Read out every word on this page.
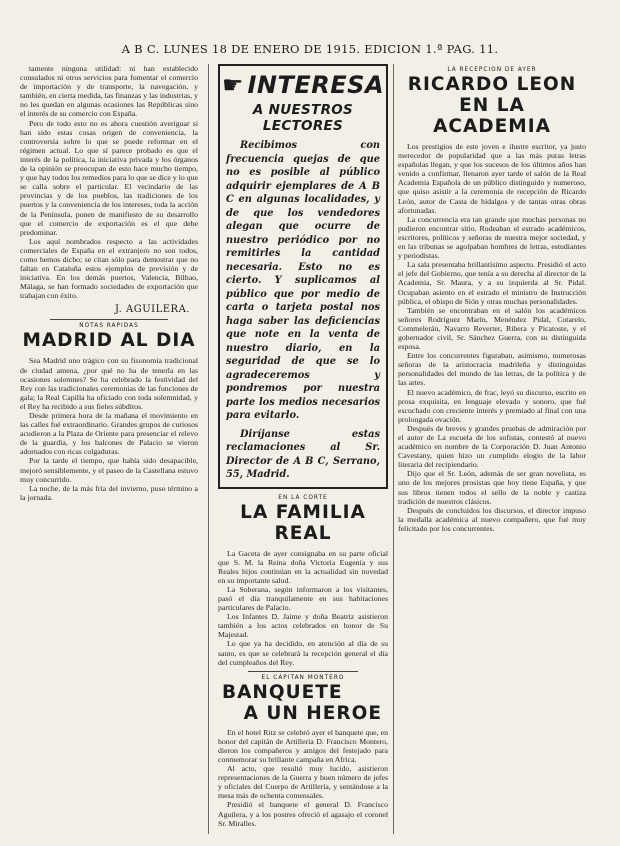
A B C. LUNES 18 DE ENERO DE 1915. EDICION 1.ª PAG. 11.

tamente ninguna utilidad: ni han establecido consulados ni otros servicios para fomentar el comercio de importación y de transporte, la navegación, y también, en cierta medida, las finanzas y las industrias, y no les quedan en algunas ocasiones las Repúblicas sino el interés de su comercio con España.

Pero de todo esto no es ahora cuestión averiguar si han sido estas cosas origen de conveniencia, la controversia sobre lo que se puede reformar en el régimen actual. Lo que sí parece probado es que el interés de la política, la iniciativa privada y los órganos de la opinión se preocupan de esto hace mucho tiempo, y que hay todos los remedios para lo que se dice y lo que se calla sobre el particular. El vecindario de las provincias y de los pueblos, las tradiciones de los puertos y la conveniencia de los intereses, toda la acción de la Península, ponen de manifiesto de su desarrollo que el comercio de exportación es el que debe predominar.

Los aquí nombrados respecto a las actividades comerciales de España en el extranjero no son todos, como hemos dicho; se citan sólo para demostrar que no faltan en Cataluña estos ejemplos de previsión y de iniciativa. En los demás puertos, Valencia, Bilbao, Málaga, se han formado sociedades de exportación que trabajan con éxito.

J. AGUILERA.
NOTAS RAPIDAS
MADRID AL DIA

Sea Madrid uno trágico con su fisonomía tradicional de ciudad amena, ¿por qué no ha de tenerla en las ocasiones solemnes? Se ha celebrado la festividad del Rey con las tradicionales ceremonias de las funciones de gala; la Real Capilla ha oficiado con toda solemnidad, y el Rey ha recibido a sus fieles súbditos.

Desde primera hora de la mañana el movimiento en las calles fué extraordinario. Grandes grupos de curiosos acudieron a la Plaza de Oriente para presenciar el relevo de la guardia, y los balcones de Palacio se vieron adornados con ricas colgaduras.

Por la tarde el tiempo, que había sido desapacible, mejoró sensiblemente, y el paseo de la Castellana estuvo muy concurrido.

La noche, de la más fría del invierno, puso término a la jornada.

☛ INTERESA
A NUESTROS LECTORES

Recibimos con frecuencia quejas de que no es posible al público adquirir ejemplares de A B C en algunas localidades, y de que los vendedores alegan que ocurre de nuestro periódico por no remitirles la cantidad necesaria. Esto no es cierto. Y suplicamos al público que por medio de carta o tarjeta postal nos haga saber las deficiencias que note en la venta de nuestro diario, en la seguridad de que se lo agradeceremos y pondremos por nuestra parte los medios necesarios para evitarlo.

Diríjanse estas reclamaciones al Sr. Director de A B C, Serrano, 55, Madrid.

EN LA CORTE
LA FAMILIA REAL

La Gaceta de ayer consignaba en su parte oficial que S. M. la Reina doña Victoria Eugenia y sus Reales hijos continúan en la actualidad sin novedad en su importante salud.

La Soberana, según informaron a los visitantes, pasó el día tranquilamente en sus habitaciones particulares de Palacio.

Los Infantes D. Jaime y doña Beatriz asistieron también a los actos celebrados en honor de Su Majestad.

Lo que ya ha decidido, en atención al día de su santo, es que se celebrará la recepción general el día del cumpleaños del Rey.

EL CAPITAN MONTERO
BANQUETE
A UN HEROE

En el hotel Ritz se celebró ayer el banquete que, en honor del capitán de Artillería D. Francisco Montero, dieron los compañeros y amigos del festejado para conmemorar su brillante campaña en Africa.

Al acto, que resultó muy lucido, asistieron representaciones de la Guerra y buen número de jefes y oficiales del Cuerpo de Artillería, y sentándose a la mesa más de ochenta comensales.

Presidió el banquete el general D. Francisco Aguilera, y a los postres ofreció el agasajo el coronel Sr. Miralles.

LA RECEPCION DE AYER
RICARDO LEON
EN LA ACADEMIA

Los prestigios de este joven e ilustre escritor, ya justo merecedor de popularidad que a las más puras letras españolas llegan, y que los sucesos de los últimos años han venido a confirmar, llenaron ayer tarde el salón de la Real Academia Española de un público distinguido y numeroso, que quiso asistir a la ceremonia de recepción de Ricardo León, autor de Casta de hidalgos y de tantas otras obras afortunadas.

La concurrencia era tan grande que muchas personas no pudieron encontrar sitio. Rodeaban el estrado académicos, escritores, políticos y señoras de nuestra mejor sociedad, y en las tribunas se agolpaban hombres de letras, estudiantes y periodistas.

La sala presentaba brillantísimo aspecto. Presidió el acto el jefe del Gobierno, que tenía a su derecha al director de la Academia, Sr. Maura, y a su izquierda al Sr. Pidal. Ocupaban asiento en el estrado el ministro de Instrucción pública, el obispo de Sión y otras muchas personalidades.

También se encontraban en el salón los académicos señores Rodríguez Marín, Menéndez Pidal, Cotarelo, Commelerán, Navarro Reverter, Ribera y Picatoste, y el gobernador civil, Sr. Sánchez Guerra, con su distinguida esposa.

Entre los concurrentes figuraban, asimismo, numerosas señoras de la aristocracia madrileña y distinguidas personalidades del mundo de las letras, de la política y de las artes.

El nuevo académico, de frac, leyó su discurso, escrito en prosa exquisita, en lenguaje elevado y sonoro, que fué escuchado con creciente interés y premiado al final con una prolongada ovación.

Después de breves y grandes pruebas de admiración por el autor de La escuela de los sofistas, contestó al nuevo académico en nombre de la Corporación D. Juan Antonio Cavestany, quien hizo un cumplido elogio de la labor literaria del recipiendario.

Dijo que el Sr. León, además de ser gran novelista, es uno de los mejores prosistas que hoy tiene España, y que sus libros tienen todos el sello de la noble y castiza tradición de nuestros clásicos.

Después de concluidos los discursos, el director impuso la medalla académica al nuevo compañero, que fué muy felicitado por los concurrentes.
